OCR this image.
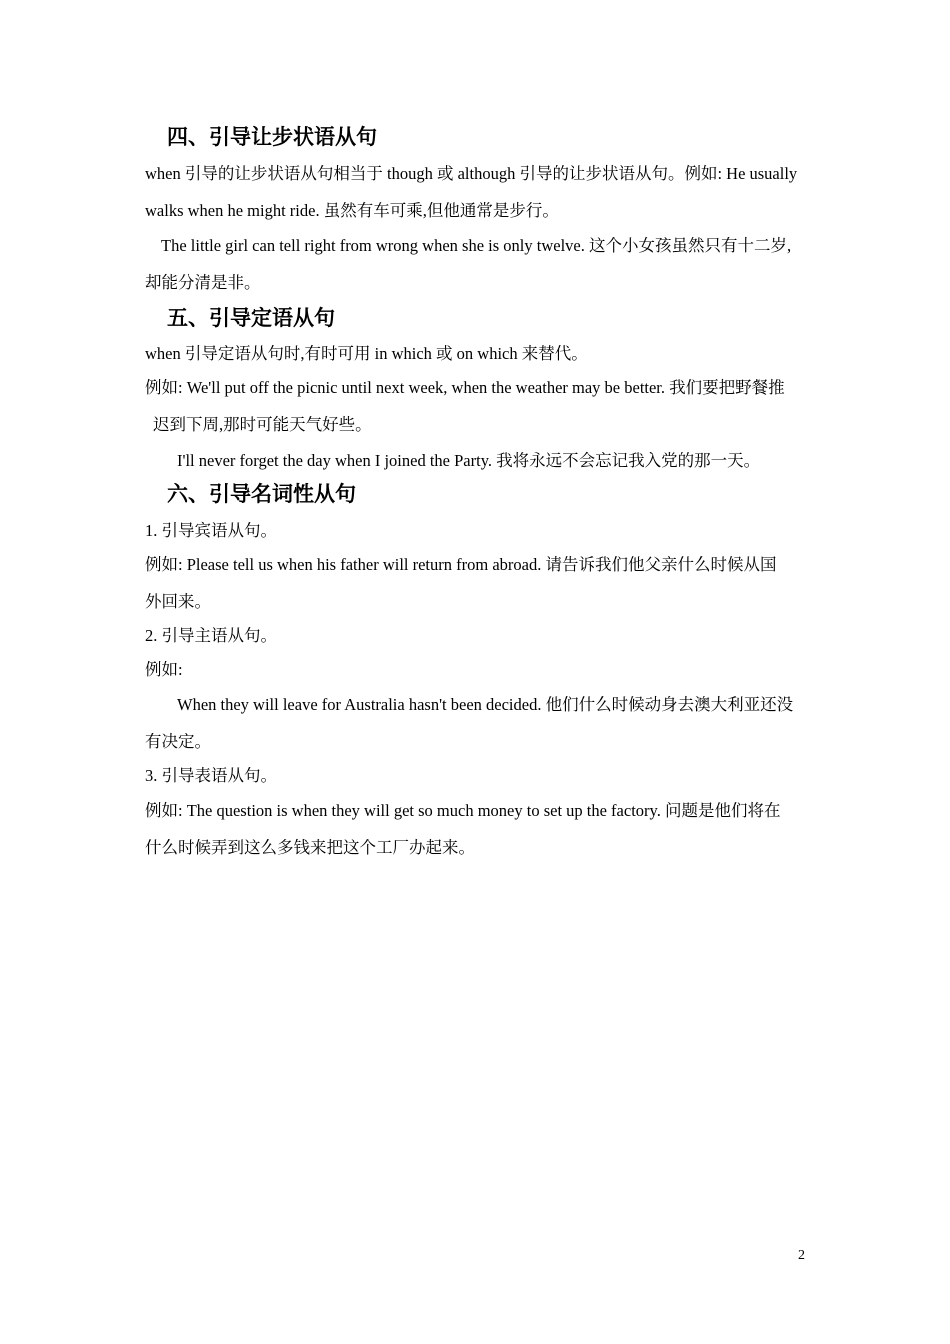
四、引导让步状语从句
when 引导的让步状语从句相当于 though 或 although 引导的让步状语从句。例如: He usually
walks when he might ride. 虽然有车可乘,但他通常是步行。
The little girl can tell right from wrong when she is only twelve. 这个小女孩虽然只有十二岁,
却能分清是非。
五、引导定语从句
when 引导定语从句时,有时可用 in which 或 on which 来替代。
例如: We'll put off the picnic until next week, when the weather may be better. 我们要把野餐推
迟到下周,那时可能天气好些。
I'll never forget the day when I joined the Party. 我将永远不会忘记我入党的那一天。
六、引导名词性从句
1. 引导宾语从句。
例如: Please tell us when his father will return from abroad. 请告诉我们他父亲什么时候从国
外回来。
2. 引导主语从句。
例如:
When they will leave for Australia hasn't been decided. 他们什么时候动身去澳大利亚还没
有决定。
3. 引导表语从句。
例如: The question is when they will get so much money to set up the factory. 问题是他们将在
什么时候弄到这么多钱来把这个工厂办起来。
2
